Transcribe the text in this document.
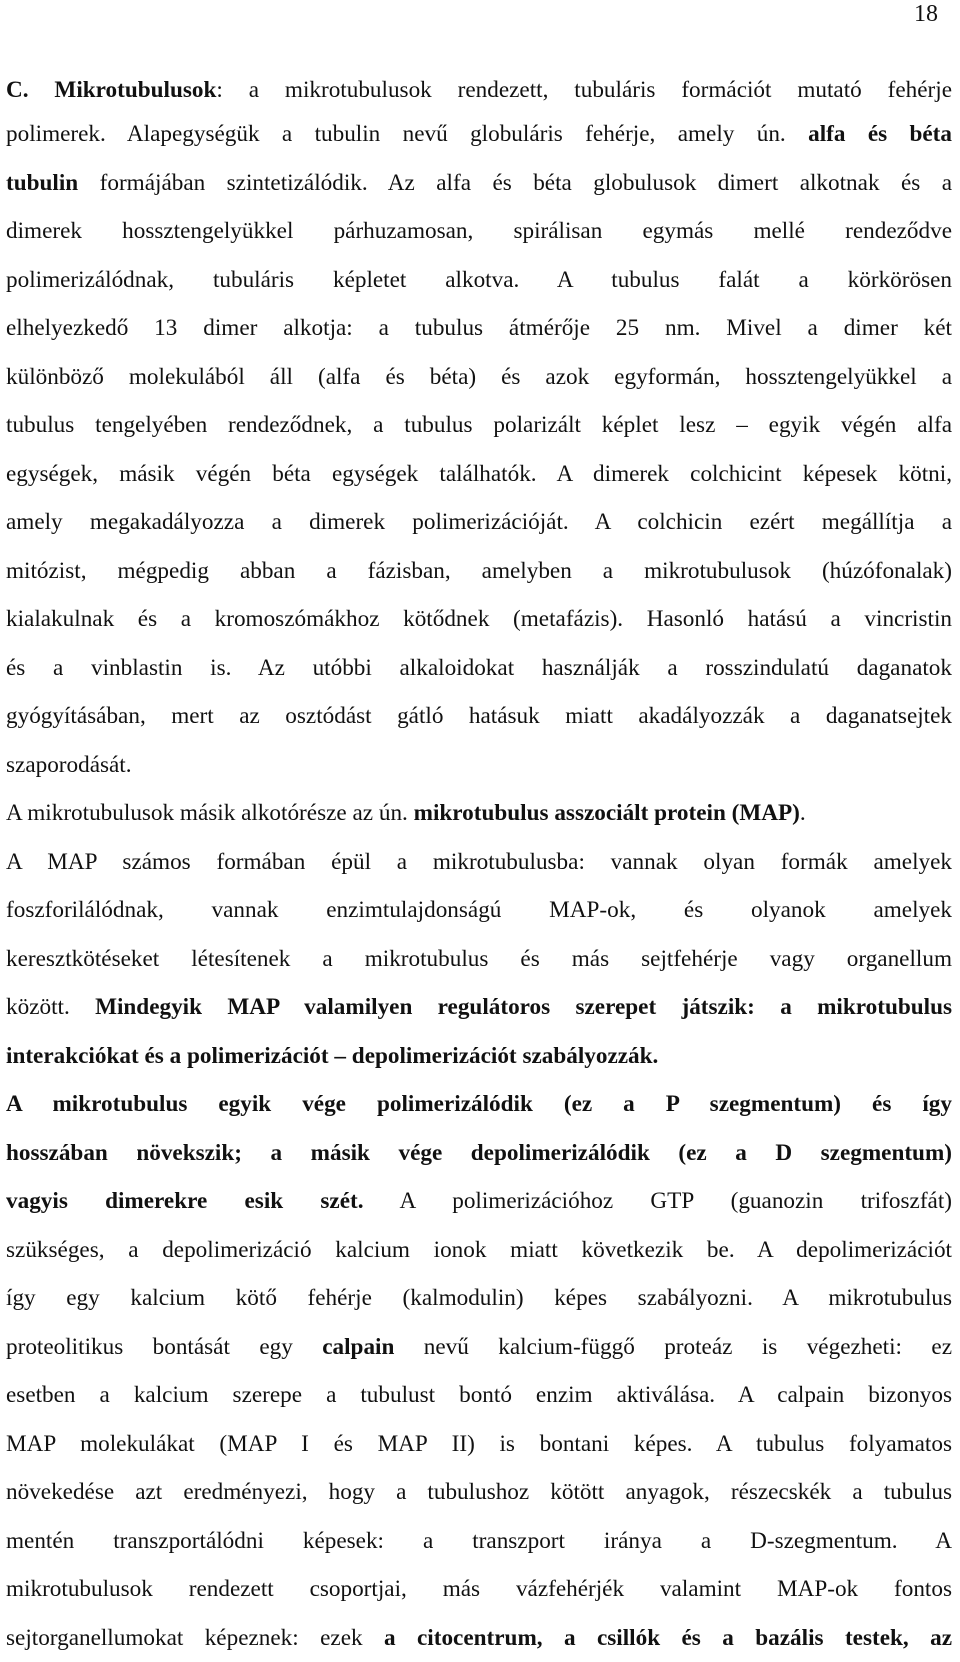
18
C. Mikrotubulusok: a mikrotubulusok rendezett, tubuláris formációt mutató fehérje
polimerek. Alapegységük a tubulin nevű globuláris fehérje, amely ún. alfa és béta
tubulin formájában szintetizálódik. Az alfa és béta globulusok dimert alkotnak és a
dimerek hossztengelyükkel párhuzamosan, spirálisan egymás mellé rendeződve
polimerizálódnak, tubuláris képletet alkotva. A tubulus falát a körkörösen
elhelyezkedő 13 dimer alkotja: a tubulus átmérője 25 nm. Mivel a dimer két
különböző molekulából áll (alfa és béta) és azok egyformán, hossztengelyükkel a
tubulus tengelyében rendeződnek, a tubulus polarizált képlet lesz – egyik végén alfa
egységek, másik végén béta egységek találhatók. A dimerek colchicint képesek kötni,
amely megakadályozza a dimerek polimerizációját. A colchicin ezért megállítja a
mitózist, mégpedig abban a fázisban, amelyben a mikrotubulusok (húzófonalak)
kialakulnak és a kromoszómákhoz kötődnek (metafázis). Hasonló hatású a vincristin
és a vinblastin is. Az utóbbi alkaloidokat használják a rosszindulatú daganatok
gyógyításában, mert az osztódást gátló hatásuk miatt akadályozzák a daganatsejtek
szaporodását.
A mikrotubulusok másik alkotórésze az ún. mikrotubulus asszociált protein (MAP).
A MAP számos formában épül a mikrotubulusba: vannak olyan formák amelyek
foszforilálódnak, vannak enzimtulajdonságú MAP-ok, és olyanok amelyek
keresztkötéseket létesítenek a mikrotubulus és más sejtfehérje vagy organellum
között. Mindegyik MAP valamilyen regulátoros szerepet játszik: a mikrotubulus
interakciókat és a polimerizációt – depolimerizációt szabályozzák.
A mikrotubulus egyik vége polimerizálódik (ez a P szegmentum) és így
hosszában növekszik; a másik vége depolimerizálódik (ez a D szegmentum)
vagyis dimerekre esik szét. A polimerizációhoz GTP (guanozin trifoszfát)
szükséges, a depolimerizáció kalcium ionok miatt következik be. A depolimerizációt
így egy kalcium kötő fehérje (kalmodulin) képes szabályozni. A mikrotubulus
proteolitikus bontását egy calpain nevű kalcium-függő proteáz is végezheti: ez
esetben a kalcium szerepe a tubulust bontó enzim aktiválása. A calpain bizonyos
MAP molekulákat (MAP I és MAP II) is bontani képes. A tubulus folyamatos
növekedése azt eredményezi, hogy a tubulushoz kötött anyagok, részecskék a tubulus
mentén transzportálódni képesek: a transzport iránya a D-szegmentum. A
mikrotubulusok rendezett csoportjai, más vázfehérjék valamint MAP-ok fontos
sejtorganellumokat képeznek: ezek a citocentrum, a csillók és a bazális testek, az
